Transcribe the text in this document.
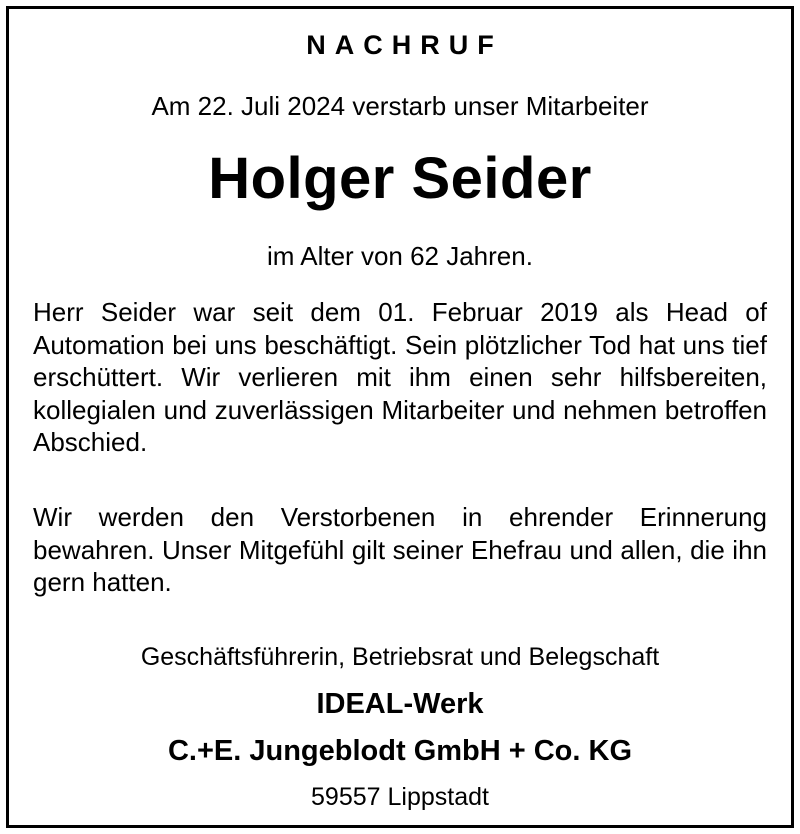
NACHRUF
Am 22. Juli 2024 verstarb unser Mitarbeiter
Holger Seider
im Alter von 62 Jahren.
Herr Seider war seit dem 01. Februar 2019 als Head of Automation bei uns beschäftigt. Sein plötzlicher Tod hat uns tief erschüttert. Wir verlieren mit ihm einen sehr hilfsbereiten, kollegialen und zuverlässigen Mitarbeiter und nehmen betroffen Abschied.
Wir werden den Verstorbenen in ehrender Erinnerung bewahren. Unser Mitgefühl gilt seiner Ehefrau und allen, die ihn gern hatten.
Geschäftsführerin, Betriebsrat und Belegschaft
IDEAL-Werk
C.+E. Jungeblodt GmbH + Co. KG
59557 Lippstadt
